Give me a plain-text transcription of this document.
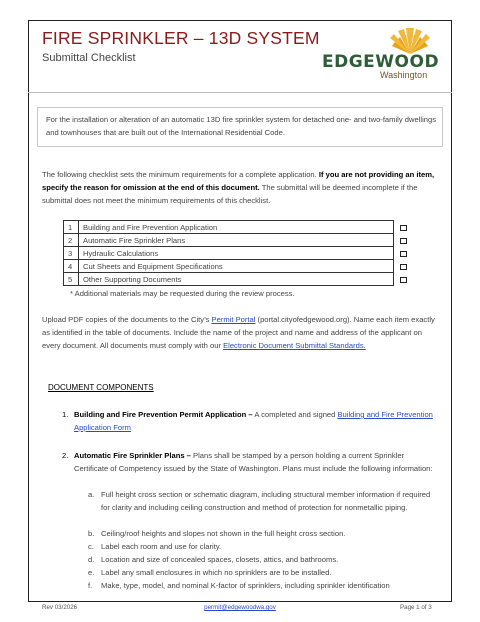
FIRE SPRINKLER – 13D SYSTEM
Submittal Checklist	EDGEWOOD
Washington
For the installation or alteration of an automatic 13D fire sprinkler system for detached one- and two-family dwellings and townhouses that are built out of the International Residential Code.
The following checklist sets the minimum requirements for a complete application. If you are not providing an item, specify the reason for omission at the end of this document. The submittal will be deemed incomplete if the submittal does not meet the minimum requirements of this checklist.
1	Building and Fire Prevention Application
2	Automatic Fire Sprinkler Plans
3	Hydraulic Calculations
4	Cut Sheets and Equipment Specifications
5	Other Supporting Documents
* Additional materials may be requested during the review process.
Upload PDF copies of the documents to the City’s Permit Portal (portal.cityofedgewood.org). Name each item exactly as identified in the table of documents. Include the name of the project and name and address of the applicant on every document. All documents must comply with our Electronic Document Submittal Standards.
DOCUMENT COMPONENTS
1. Building and Fire Prevention Permit Application – A completed and signed Building and Fire Prevention Application Form
2. Automatic Fire Sprinkler Plans – Plans shall be stamped by a person holding a current Sprinkler Certificate of Competency issued by the State of Washington. Plans must include the following information:
a. Full height cross section or schematic diagram, including structural member information if required for clarity and including ceiling construction and method of protection for nonmetallic piping.
b. Ceiling/roof heights and slopes not shown in the full height cross section.
c. Label each room and use for clarity.
d. Location and size of concealed spaces, closets, attics, and bathrooms.
e. Label any small enclosures in which no sprinklers are to be installed.
f. Make, type, model, and nominal K-factor of sprinklers, including sprinkler identification
Rev 03/2026	permit@edgewoodwa.gov	Page 1 of 3
